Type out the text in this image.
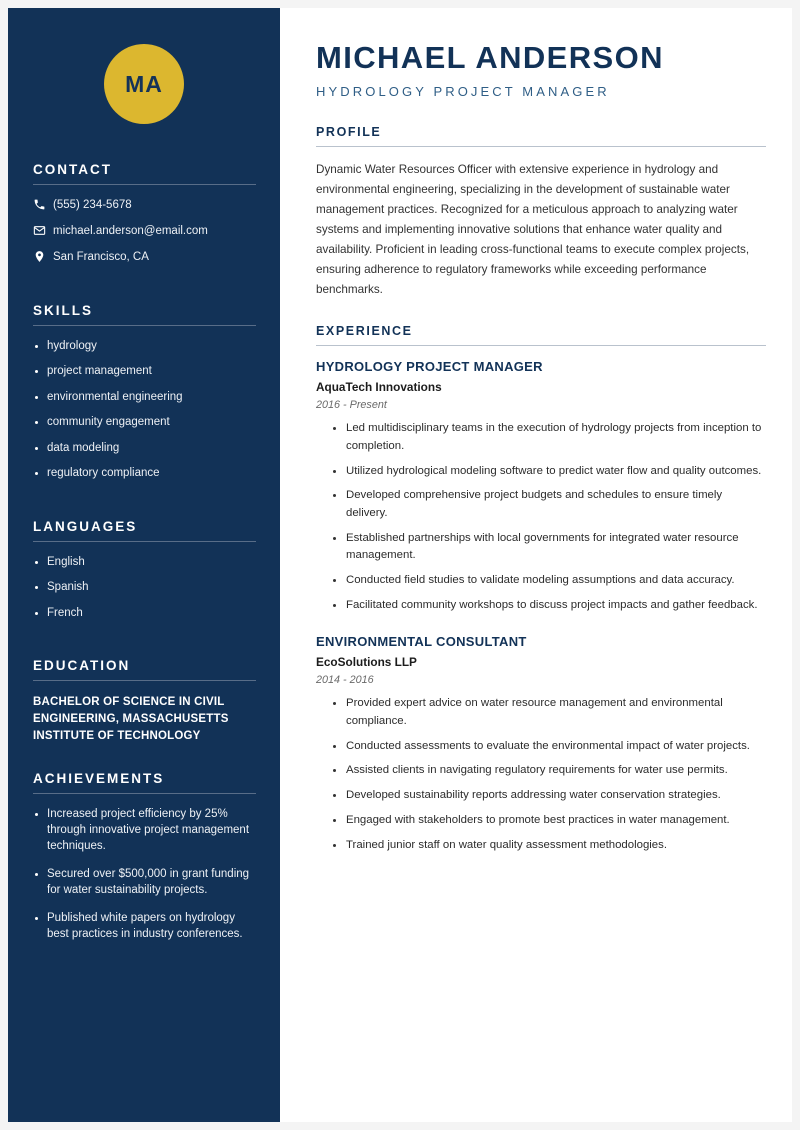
MA
CONTACT
(555) 234-5678
michael.anderson@email.com
San Francisco, CA
SKILLS
hydrology
project management
environmental engineering
community engagement
data modeling
regulatory compliance
LANGUAGES
English
Spanish
French
EDUCATION
BACHELOR OF SCIENCE IN CIVIL ENGINEERING, MASSACHUSETTS INSTITUTE OF TECHNOLOGY
ACHIEVEMENTS
Increased project efficiency by 25% through innovative project management techniques.
Secured over $500,000 in grant funding for water sustainability projects.
Published white papers on hydrology best practices in industry conferences.
MICHAEL ANDERSON
HYDROLOGY PROJECT MANAGER
PROFILE

Dynamic Water Resources Officer with extensive experience in hydrology and environmental engineering, specializing in the development of sustainable water management practices. Recognized for a meticulous approach to analyzing water systems and implementing innovative solutions that enhance water quality and availability. Proficient in leading cross-functional teams to execute complex projects, ensuring adherence to regulatory frameworks while exceeding performance benchmarks.

EXPERIENCE
HYDROLOGY PROJECT MANAGER
AquaTech Innovations
2016 - Present
Led multidisciplinary teams in the execution of hydrology projects from inception to completion.
Utilized hydrological modeling software to predict water flow and quality outcomes.
Developed comprehensive project budgets and schedules to ensure timely delivery.
Established partnerships with local governments for integrated water resource management.
Conducted field studies to validate modeling assumptions and data accuracy.
Facilitated community workshops to discuss project impacts and gather feedback.
ENVIRONMENTAL CONSULTANT
EcoSolutions LLP
2014 - 2016
Provided expert advice on water resource management and environmental compliance.
Conducted assessments to evaluate the environmental impact of water projects.
Assisted clients in navigating regulatory requirements for water use permits.
Developed sustainability reports addressing water conservation strategies.
Engaged with stakeholders to promote best practices in water management.
Trained junior staff on water quality assessment methodologies.
